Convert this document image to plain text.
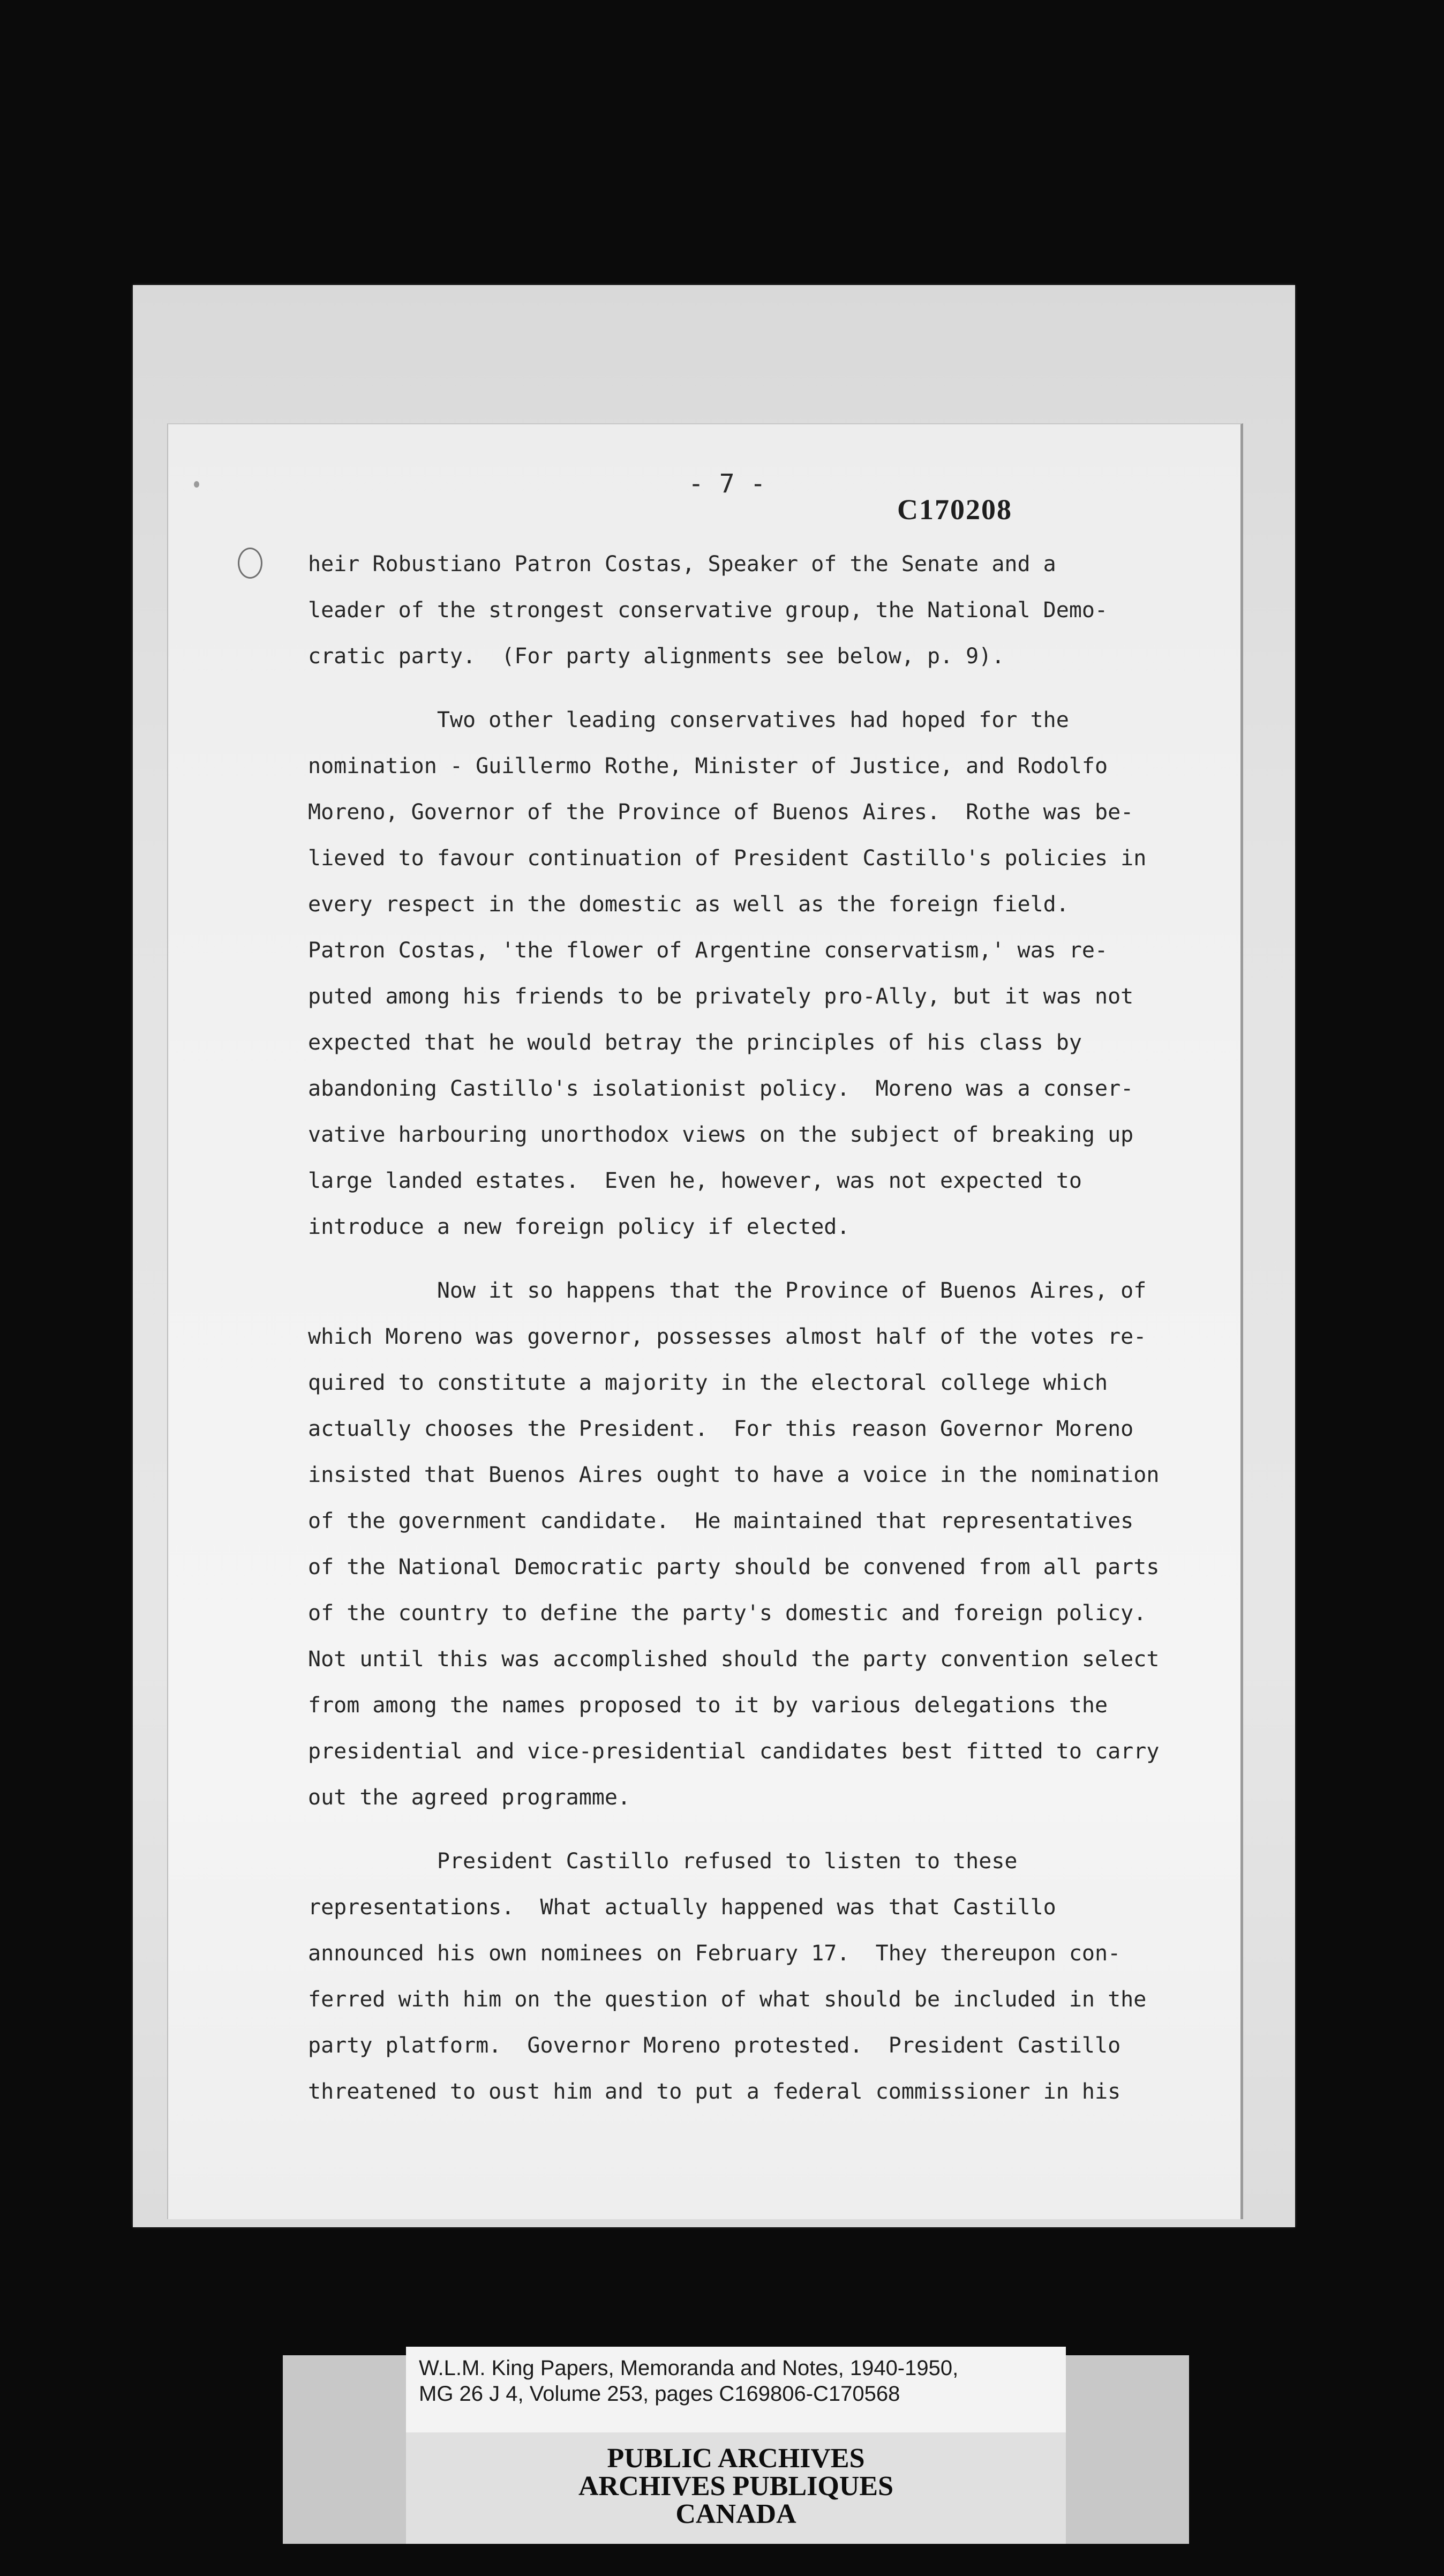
- 7 -
C170208
heir Robustiano Patron Costas, Speaker of the Senate and a
leader of the strongest conservative group, the National Demo-
cratic party.  (For party alignments see below, p. 9).
Two other leading conservatives had hoped for the
nomination - Guillermo Rothe, Minister of Justice, and Rodolfo
Moreno, Governor of the Province of Buenos Aires.  Rothe was be-
lieved to favour continuation of President Castillo's policies in
every respect in the domestic as well as the foreign field.
Patron Costas, 'the flower of Argentine conservatism,' was re-
puted among his friends to be privately pro-Ally, but it was not
expected that he would betray the principles of his class by
abandoning Castillo's isolationist policy.  Moreno was a conser-
vative harbouring unorthodox views on the subject of breaking up
large landed estates.  Even he, however, was not expected to
introduce a new foreign policy if elected.
Now it so happens that the Province of Buenos Aires, of
which Moreno was governor, possesses almost half of the votes re-
quired to constitute a majority in the electoral college which
actually chooses the President.  For this reason Governor Moreno
insisted that Buenos Aires ought to have a voice in the nomination
of the government candidate.  He maintained that representatives
of the National Democratic party should be convened from all parts
of the country to define the party's domestic and foreign policy.
Not until this was accomplished should the party convention select
from among the names proposed to it by various delegations the
presidential and vice-presidential candidates best fitted to carry
out the agreed programme.
President Castillo refused to listen to these
representations.  What actually happened was that Castillo
announced his own nominees on February 17.  They thereupon con-
ferred with him on the question of what should be included in the
party platform.  Governor Moreno protested.  President Castillo
threatened to oust him and to put a federal commissioner in his
W.L.M. King Papers, Memoranda and Notes, 1940-1950,
MG 26 J 4, Volume 253, pages C169806-C170568
PUBLIC ARCHIVES
ARCHIVES PUBLIQUES
CANADA
